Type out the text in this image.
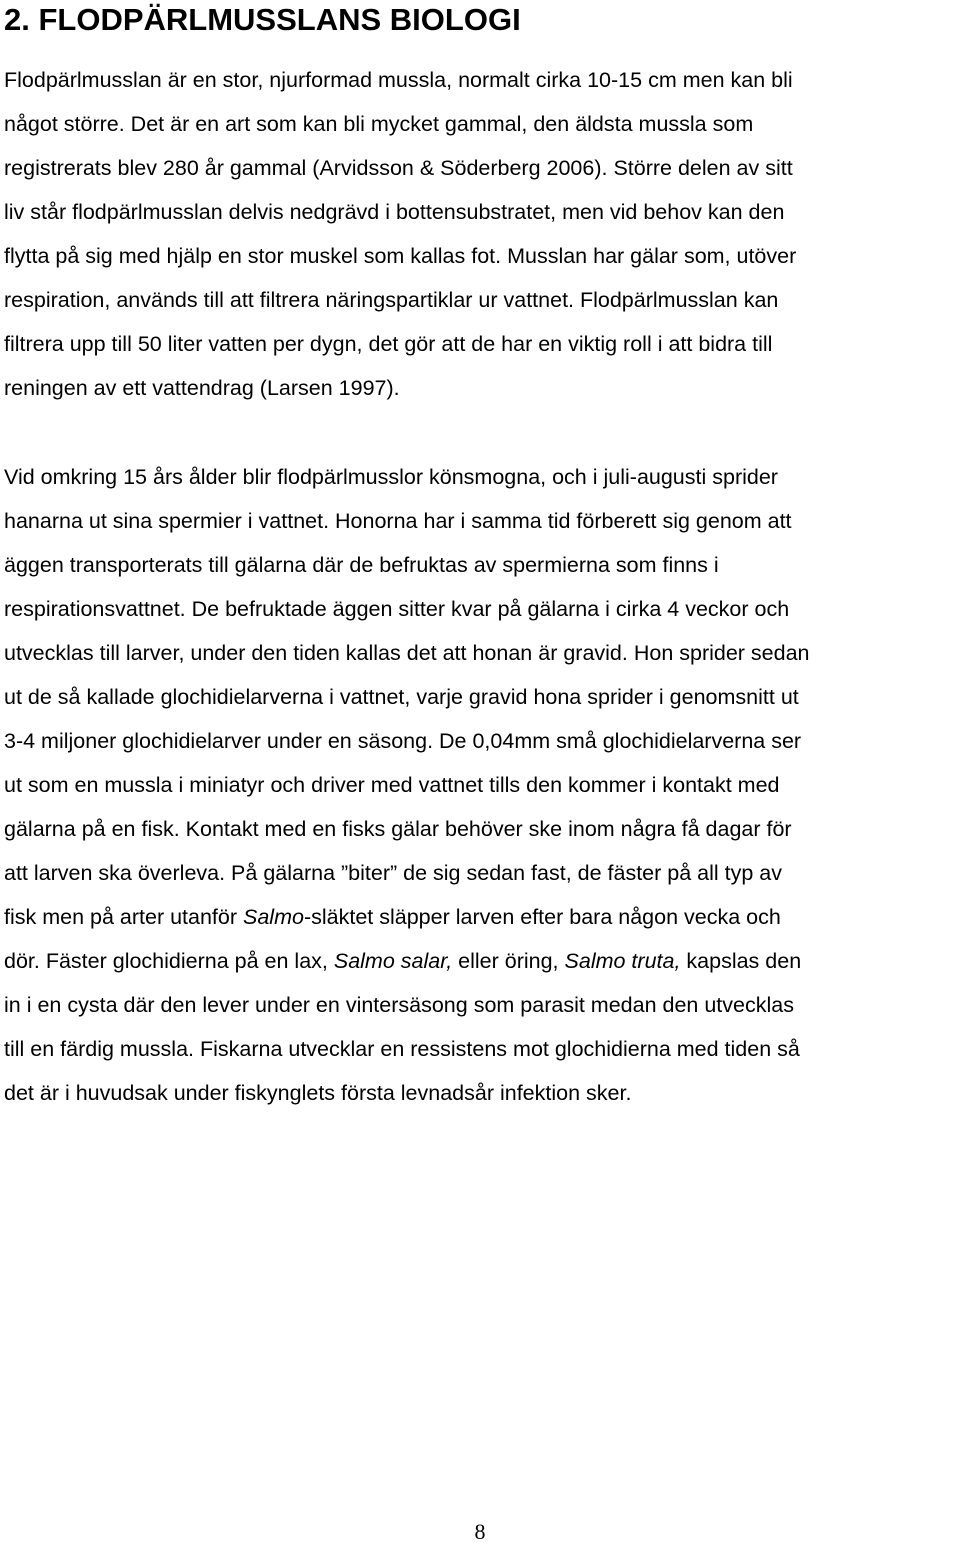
2. FLODPÄRLMUSSLANS BIOLOGI
Flodpärlmusslan är en stor, njurformad mussla, normalt cirka 10-15 cm men kan bli
något större. Det är en art som kan bli mycket gammal, den äldsta mussla som
registrerats blev 280 år gammal (Arvidsson & Söderberg 2006). Större delen av sitt
liv står flodpärlmusslan delvis nedgrävd i bottensubstratet, men vid behov kan den
flytta på sig med hjälp en stor muskel som kallas fot. Musslan har gälar som, utöver
respiration, används till att filtrera näringspartiklar ur vattnet. Flodpärlmusslan kan
filtrera upp till 50 liter vatten per dygn, det gör att de har en viktig roll i att bidra till
reningen av ett vattendrag (Larsen 1997).
Vid omkring 15 års ålder blir flodpärlmusslor könsmogna, och i juli-augusti sprider
hanarna ut sina spermier i vattnet. Honorna har i samma tid förberett sig genom att
äggen transporterats till gälarna där de befruktas av spermierna som finns i
respirationsvattnet. De befruktade äggen sitter kvar på gälarna i cirka 4 veckor och
utvecklas till larver, under den tiden kallas det att honan är gravid. Hon sprider sedan
ut de så kallade glochidielarverna i vattnet, varje gravid hona sprider i genomsnitt ut
3-4 miljoner glochidielarver under en säsong. De 0,04mm små glochidielarverna ser
ut som en mussla i miniatyr och driver med vattnet tills den kommer i kontakt med
gälarna på en fisk. Kontakt med en fisks gälar behöver ske inom några få dagar för
att larven ska överleva. På gälarna ”biter” de sig sedan fast, de fäster på all typ av
fisk men på arter utanför Salmo-släktet släpper larven efter bara någon vecka och
dör. Fäster glochidierna på en lax, Salmo salar, eller öring, Salmo truta, kapslas den
in i en cysta där den lever under en vintersäsong som parasit medan den utvecklas
till en färdig mussla. Fiskarna utvecklar en ressistens mot glochidierna med tiden så
det är i huvudsak under fiskynglets första levnadsår infektion sker.
8
